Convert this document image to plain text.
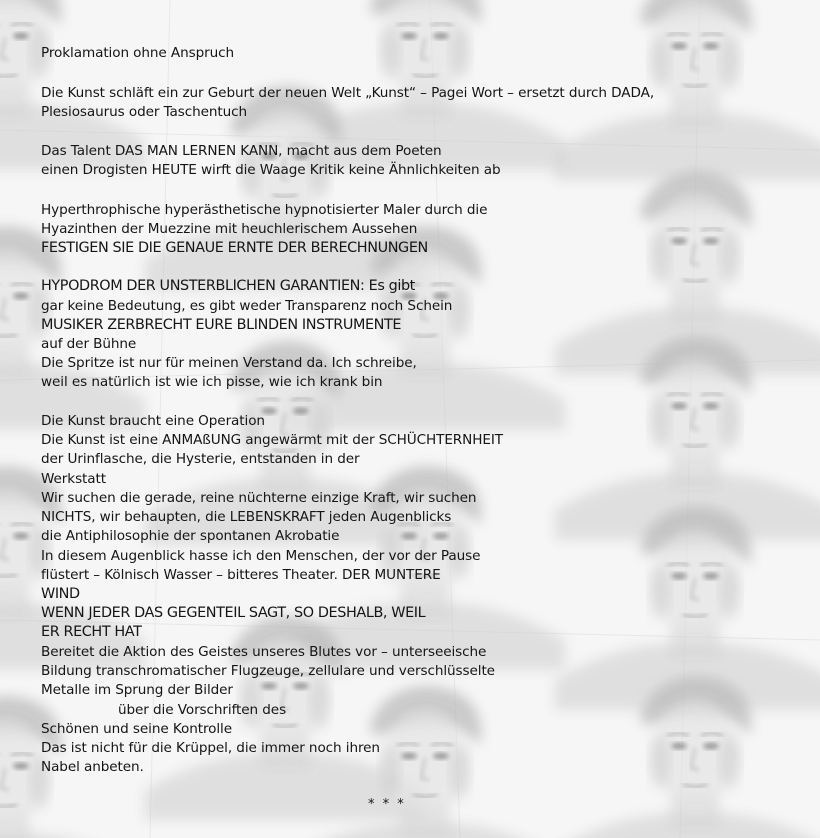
Proklamation ohne Anspruch
Die Kunst schläft ein zur Geburt der neuen Welt „Kunst“ – Pagei Wort – ersetzt durch DADA,
Plesiosaurus oder Taschentuch
Das Talent DAS MAN LERNEN KANN, macht aus dem Poeten
einen Drogisten HEUTE wirft die Waage Kritik keine Ähnlichkeiten ab
Hyperthrophische hyperästhetische hypnotisierter Maler durch die
Hyazinthen der Muezzine mit heuchlerischem Aussehen
FESTIGEN SIE DIE GENAUE ERNTE DER BERECHNUNGEN
HYPODROM DER UNSTERBLICHEN GARANTIEN: Es gibt
gar keine Bedeutung, es gibt weder Transparenz noch Schein
MUSIKER ZERBRECHT EURE BLINDEN INSTRUMENTE
auf der Bühne
Die Spritze ist nur für meinen Verstand da. Ich schreibe,
weil es natürlich ist wie ich pisse, wie ich krank bin
Die Kunst braucht eine Operation
Die Kunst ist eine ANMAßUNG angewärmt mit der SCHÜCHTERNHEIT
der Urinflasche, die Hysterie, entstanden in der
Werkstatt
Wir suchen die gerade, reine nüchterne einzige Kraft, wir suchen
NICHTS, wir behaupten, die LEBENSKRAFT jeden Augenblicks
die Antiphilosophie der spontanen Akrobatie
In diesem Augenblick hasse ich den Menschen, der vor der Pause
flüstert – Kölnisch Wasser – bitteres Theater. DER MUNTERE
WIND
WENN JEDER DAS GEGENTEIL SAGT, SO DESHALB, WEIL
ER RECHT HAT
Bereitet die Aktion des Geistes unseres Blutes vor – unterseeische
Bildung transchromatischer Flugzeuge, zellulare und verschlüsselte
Metalle im Sprung der Bilder
über die Vorschriften des
Schönen und seine Kontrolle
Das ist nicht für die Krüppel, die immer noch ihren
Nabel anbeten.
* * *
